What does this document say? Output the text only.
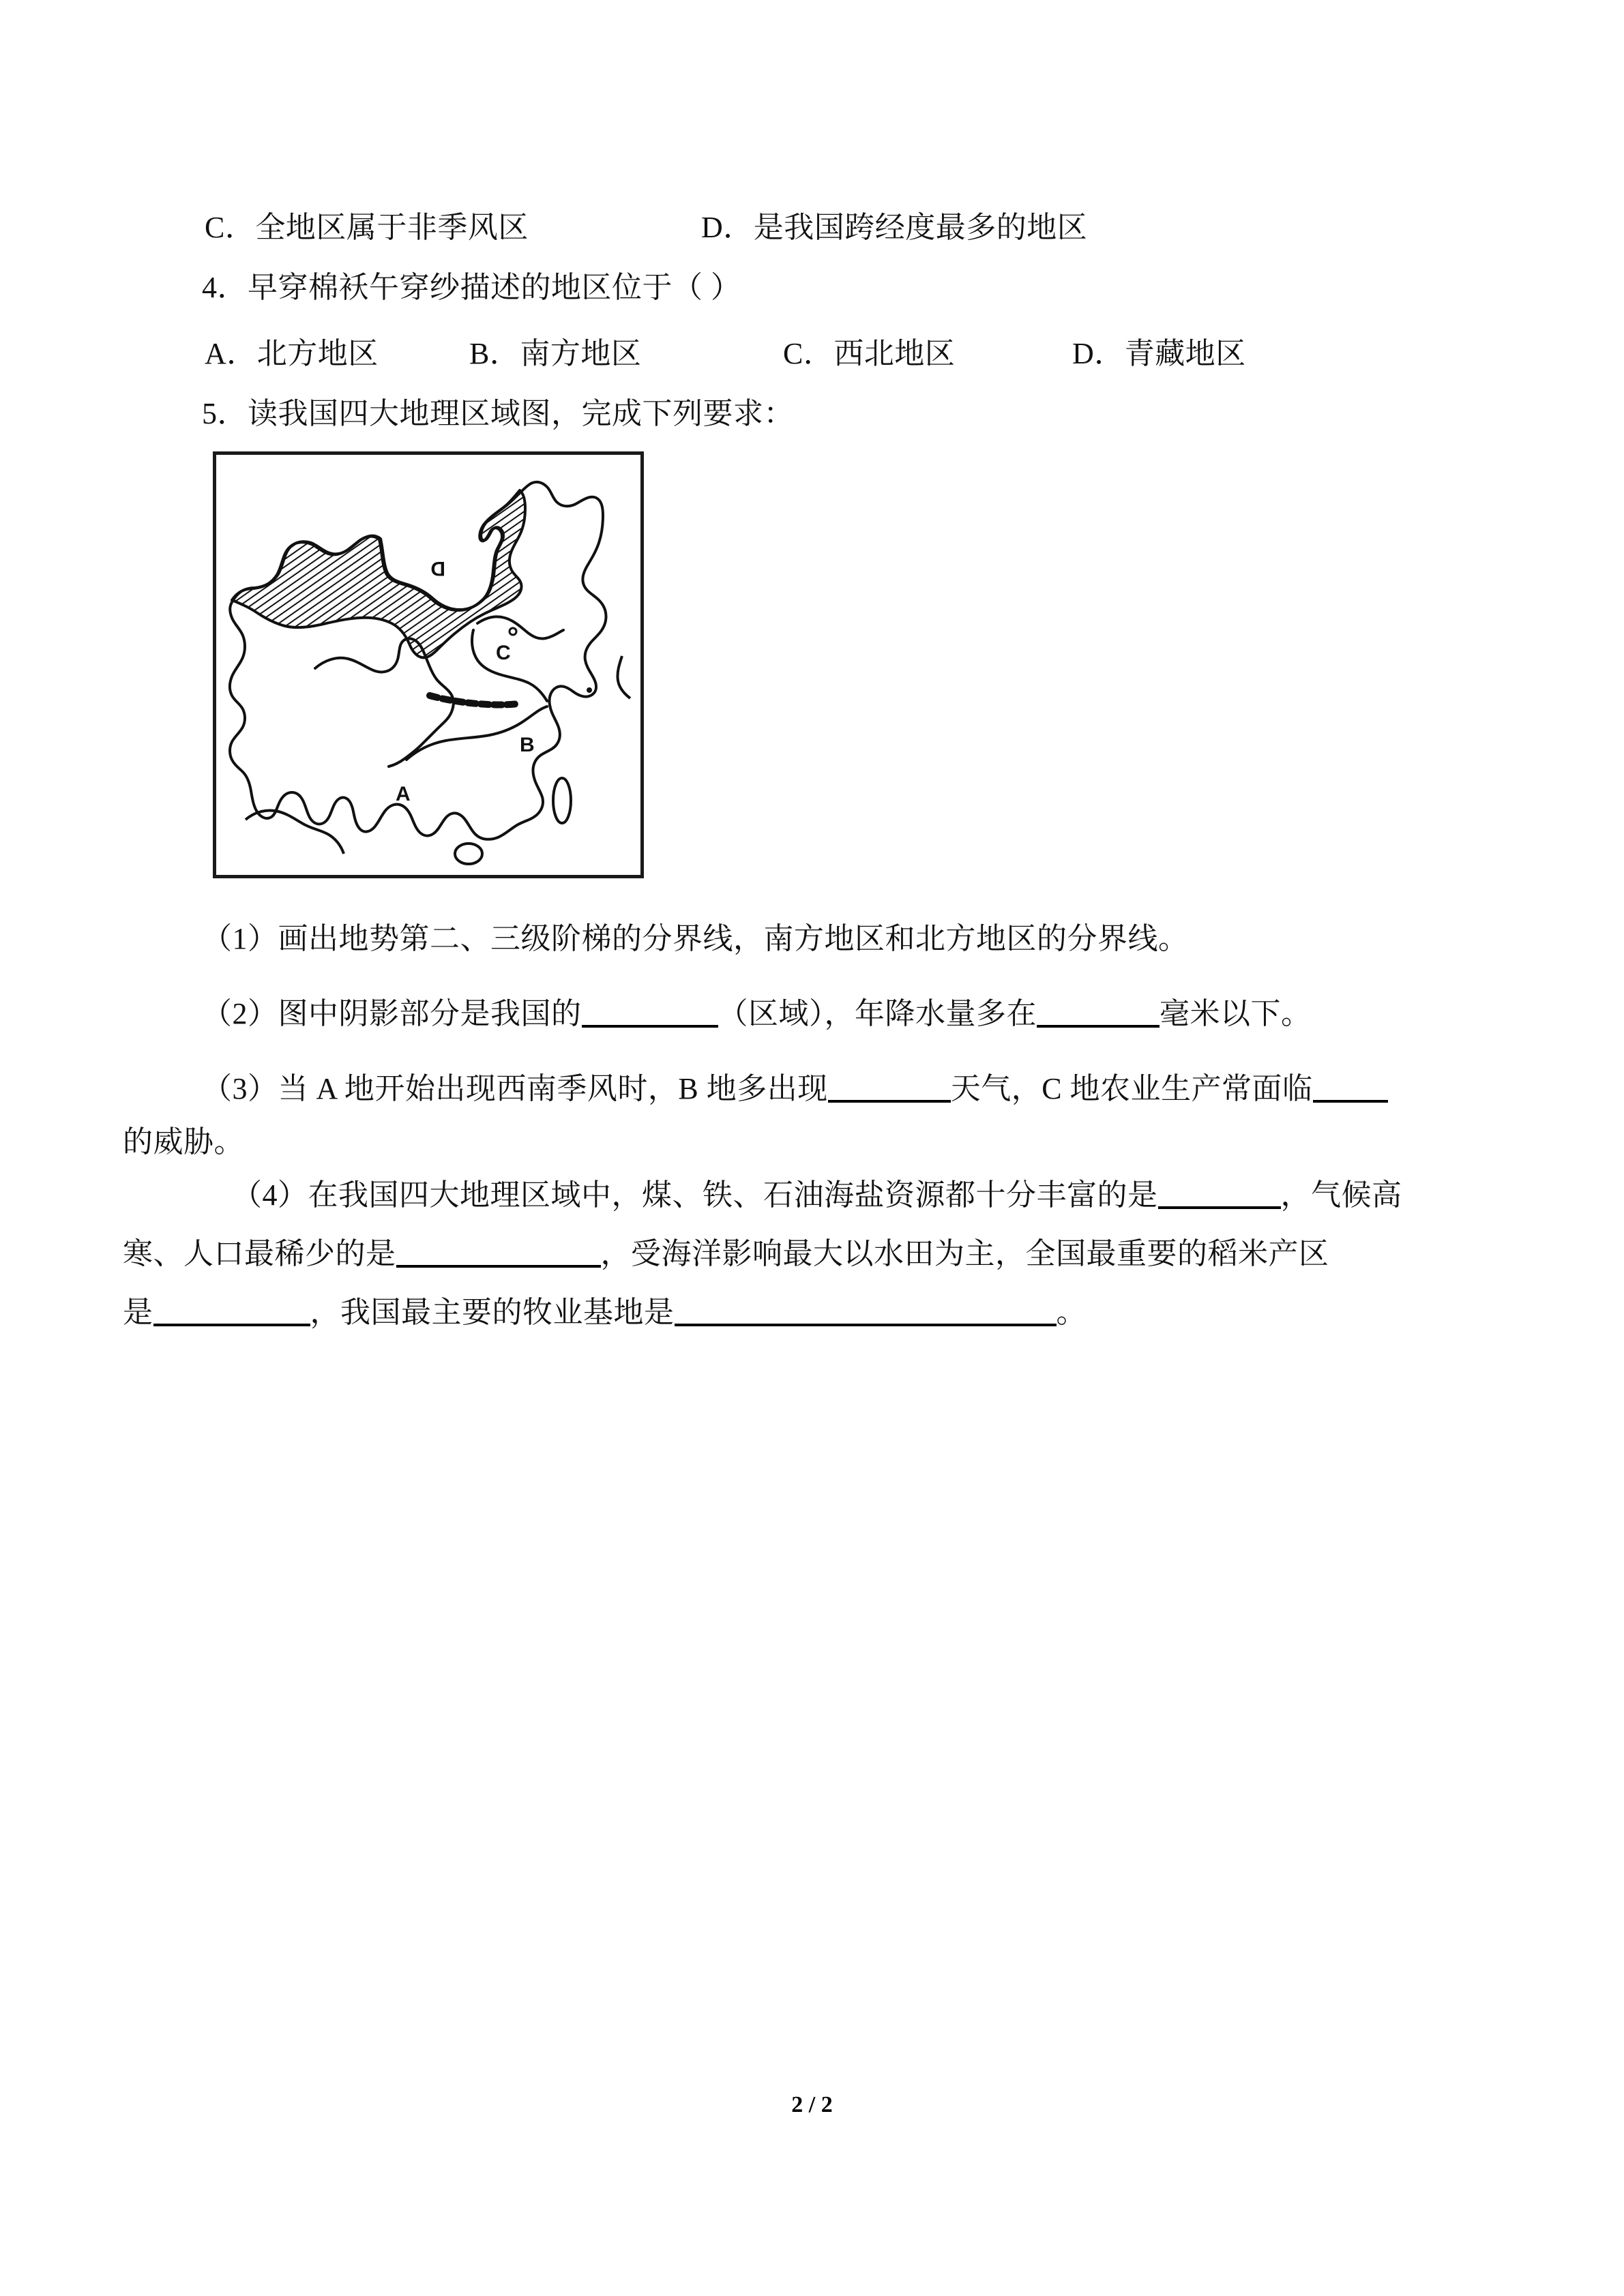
C．全地区属于非季风区	D．是我国跨经度最多的地区
4．早穿棉袄午穿纱描述的地区位于（ ）
A．北方地区	B．南方地区	C．西北地区	D．青藏地区
5．读我国四大地理区域图，完成下列要求：
A
B
C
D
（1）画出地势第二、三级阶梯的分界线，南方地区和北方地区的分界线。
（2）图中阴影部分是我国的	（区域），年降水量多在	毫米以下。
（3）当 A 地开始出现西南季风时，B 地多出现	天气，C 地农业生产常面临
的威胁。
（4）在我国四大地理区域中，煤、铁、石油海盐资源都十分丰富的是	，气候高
寒、人口最稀少的是	，受海洋影响最大以水田为主，全国最重要的稻米产区
是	，我国最主要的牧业基地是	。
2 / 2
